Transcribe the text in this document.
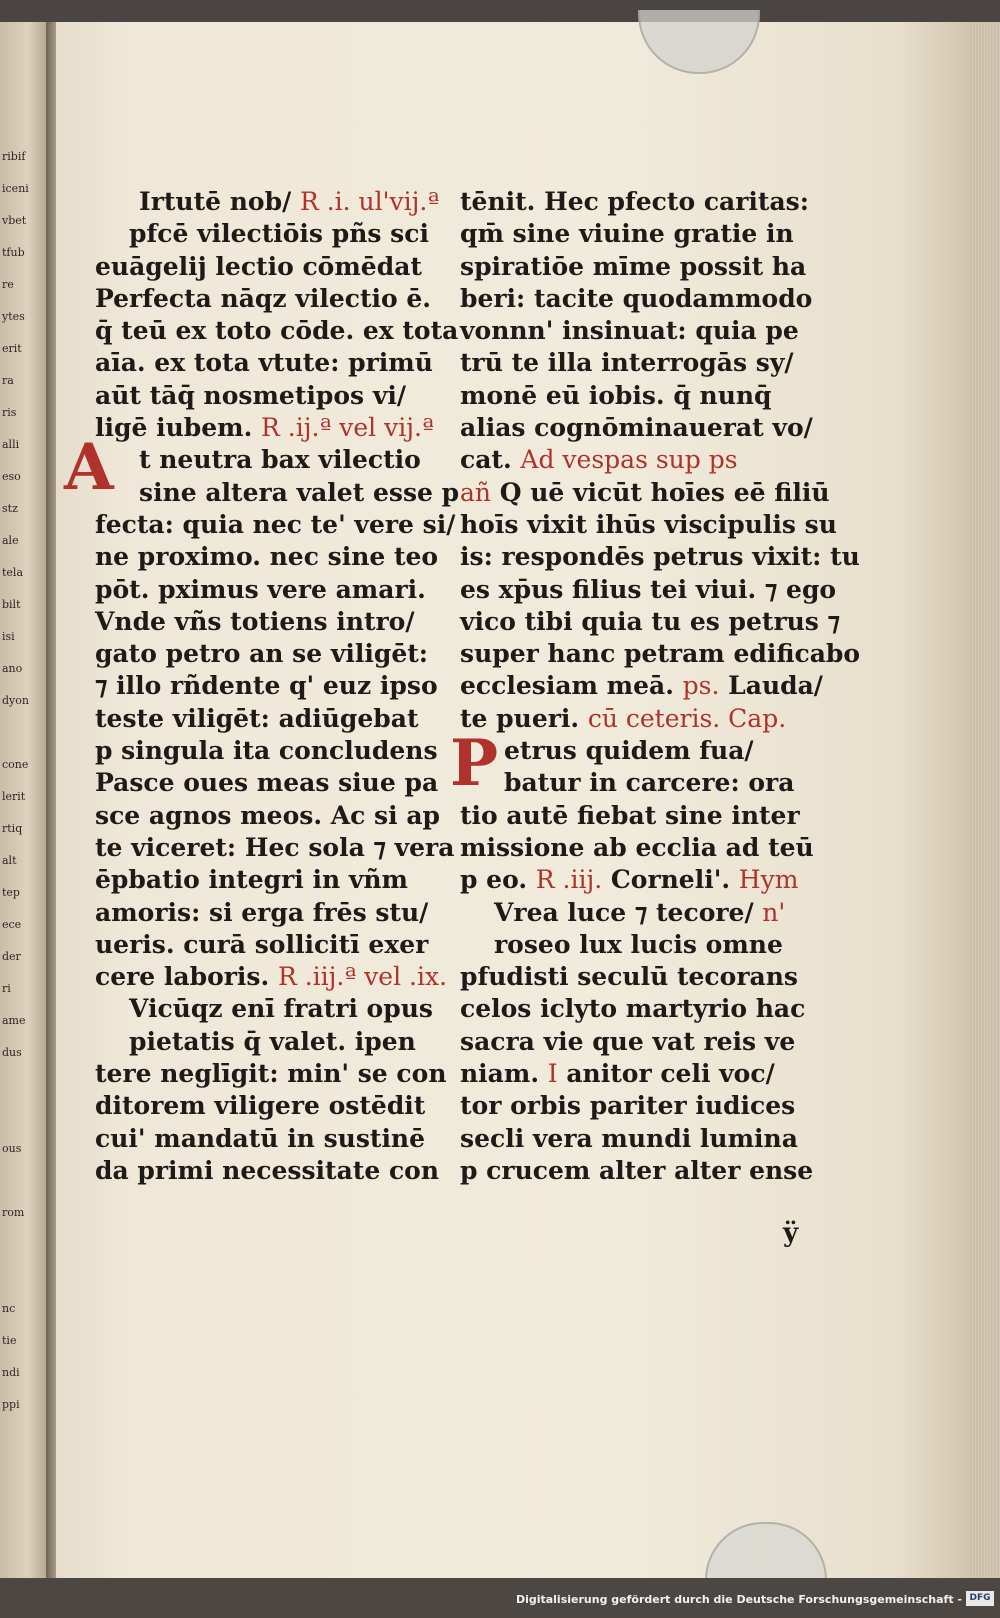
ribif
iceni
vbet
tfub
re
ytes
erit
ra
ris
alli
eso
stz
ale
tela
bilt
isi
ano
dyon
cone
lerit
rtiq
alt
tep
ece
der
ri
ame
dus
ous
rom
nc
tie
ndi
ppi
A
P
Irtutē nob/ R .i. ul'vij.ª
pfcē vilectiōis pñs sci
euāgelij lectio cōmēdat
Perfecta nāqz vilectio ē.
q̄ teū ex toto cōde. ex tota
aīa. ex tota vtute: primū
aūt tāq̄ nosmetipos vi/
ligē iubem. R .ij.ª vel vij.ª
t neutra bax vilectio
sine altera valet esse p
fecta: quia nec te' vere si/
ne proximo. nec sine teo
pōt. pximus vere amari.
Vnde vñs totiens intro/
gato petro an se viligēt:
⁊ illo rñdente q' euz ipso
teste viligēt: adiūgebat
p singula ita concludens
Pasce oues meas siue pa
sce agnos meos. Ac si ap
te viceret: Hec sola ⁊ vera
ēpbatio integri in vñm
amoris: si erga frēs stu/
ueris. curā sollicitī exer
cere laboris. R .iij.ª vel .ix.
Vicūqz enī fratri opus
pietatis q̄ valet. ipen
tere neglīgit: min' se con
ditorem viligere ostēdit
cui' mandatū in sustinē
da primi necessitate con
tēnit. Hec pfecto caritas:
qm̄ sine viuine gratie in
spiratiōe mīme possit ha
beri: tacite quodammodo
vonnn' insinuat: quia pe
trū te illa interrogās sy/
monē eū iobis. q̄ nunq̄
alias cognōminauerat vo/
cat. Ad vespas sup ps
añ Q uē vicūt hoīes eē filiū
hoīs vixit ihūs viscipulis su
is: respondēs petrus vixit: tu
es xp̄us filius tei viui. ⁊ ego
vico tibi quia tu es petrus ⁊
super hanc petram edificabo
ecclesiam meā. ps. Lauda/
te pueri. cū ceteris. Cap.
etrus quidem fua/
batur in carcere: ora
tio autē fiebat sine inter
missione ab ecclia ad teū
p eo. R .iij. Corneli'. Hym
Vrea luce ⁊ tecore/ n'
roseo lux lucis omne
pfudisti seculū tecorans
celos iclyto martyrio hac
sacra vie que vat reis ve
niam. I anitor celi voc/
tor orbis pariter iudices
secli vera mundi lumina
p crucem alter alter ense
ÿ
Digitalisierung gefördert durch die Deutsche Forschungsgemeinschaft - DFG
